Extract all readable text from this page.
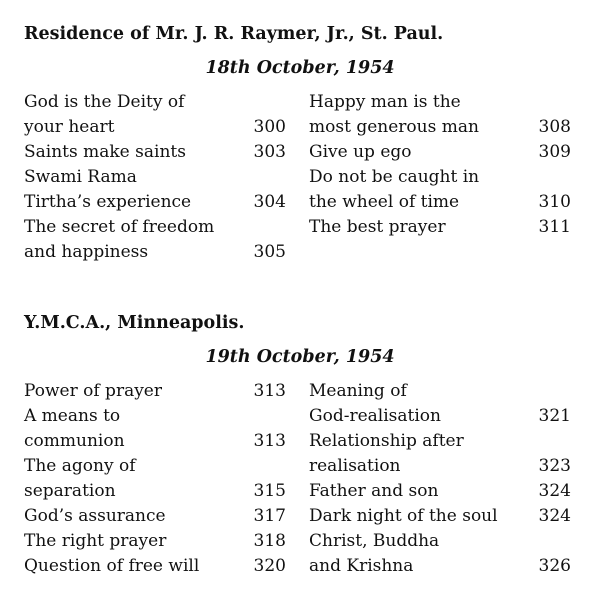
Residence of Mr. J. R. Raymer, Jr., St. Paul.
18th October, 1954
God is the Deity of
your heart	300
Saints make saints	303
Swami Rama
Tirtha’s experience	304
The secret of freedom
and happiness	305
Happy man is the
most generous man	308
Give up ego	309
Do not be caught in
the wheel of time	310
The best prayer	311
Y.M.C.A., Minneapolis.
19th October, 1954
Power of prayer	313
A means to
communion	313
The agony of
separation	315
God’s assurance	317
The right prayer	318
Question of free will	320
Meaning of
God-realisation	321
Relationship after
realisation	323
Father and son	324
Dark night of the soul 324
Christ, Buddha
and Krishna	326
